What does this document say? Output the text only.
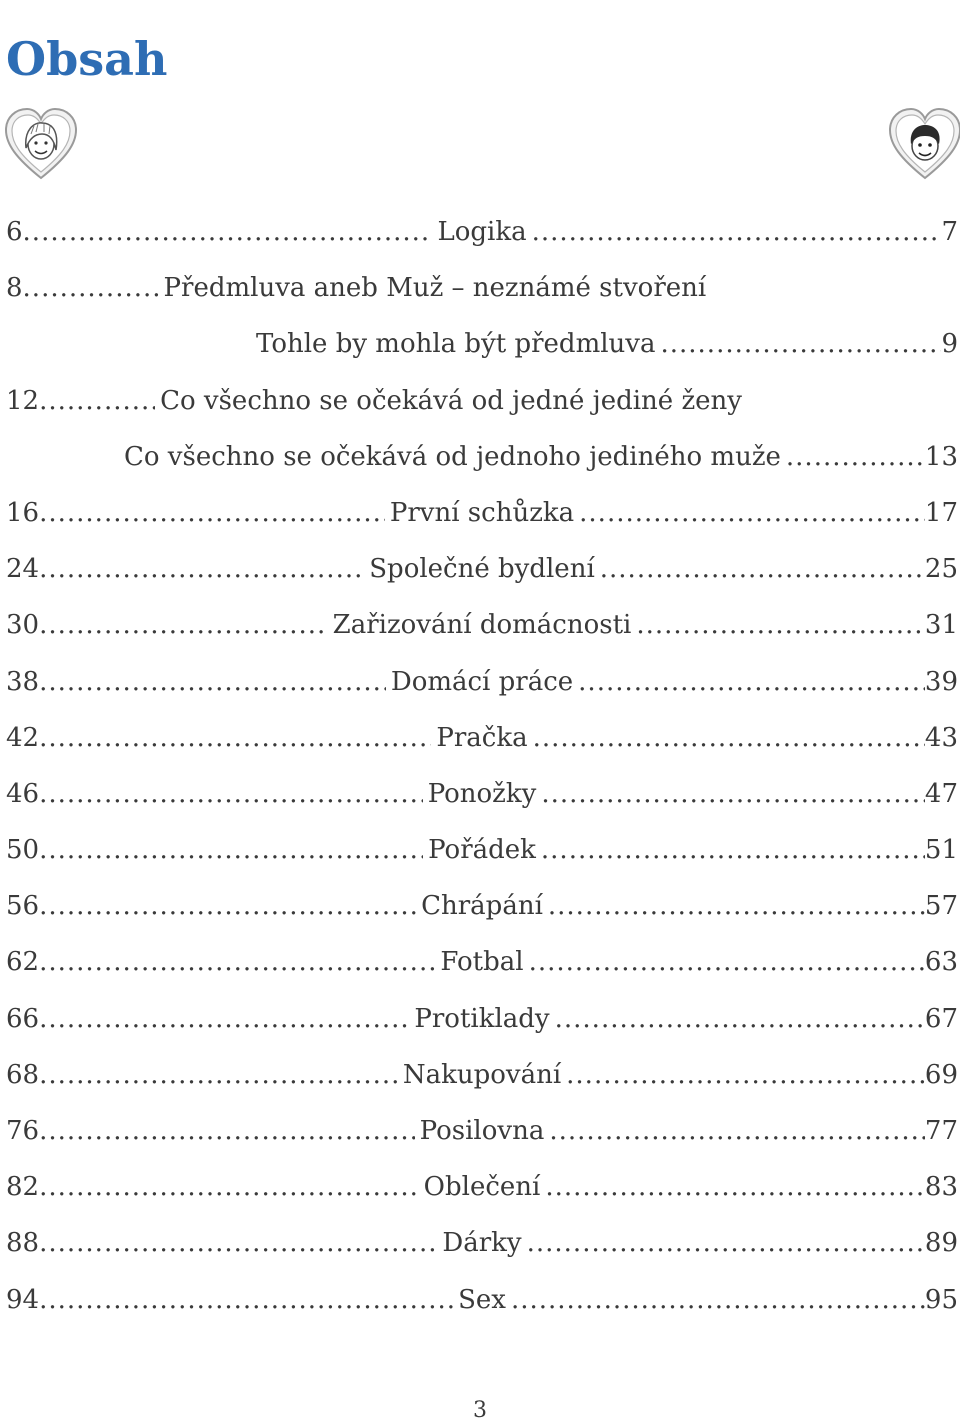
Obsah
6 .....	Logika .....	7
8 .....	Předmluva aneb Muž – neznámé stvoření
Tohle by mohla být předmluva .....	9
12 .....	Co všechno se očekává od jedné jediné ženy
Co všechno se očekává od jednoho jediného muže .....	13
16 .....	První schůzka .....	17
24 .....	Společné bydlení .....	25
30 .....	Zařizování domácnosti .....	31
38 .....	Domácí práce .....	39
42 .....	Pračka .....	43
46 .....	Ponožky .....	47
50 .....	Pořádek .....	51
56 .....	Chrápání .....	57
62 .....	Fotbal .....	63
66 .....	Protiklady .....	67
68 .....	Nakupování .....	69
76 .....	Posilovna .....	77
82 .....	Oblečení .....	83
88 .....	Dárky .....	89
94 .....	Sex .....	95
3
